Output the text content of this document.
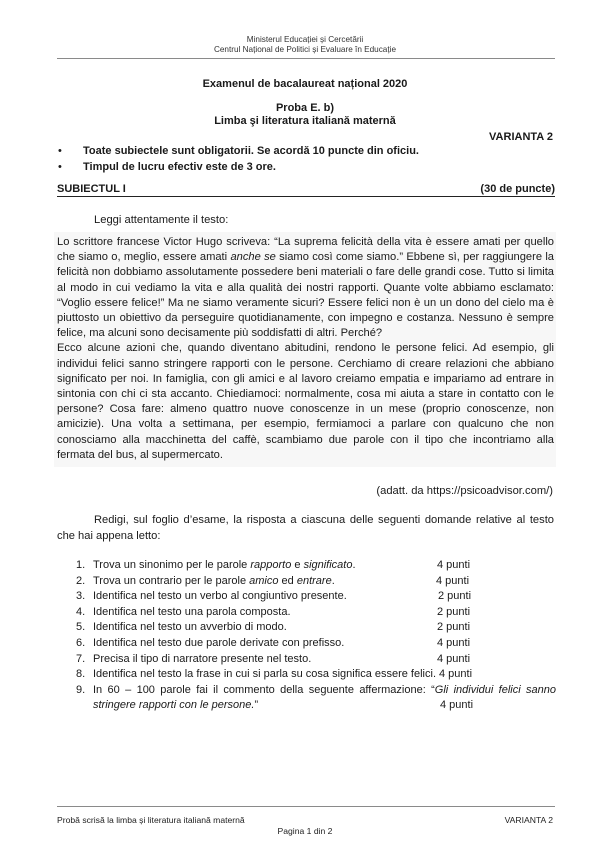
Ministerul Educației și Cercetării
Centrul Național de Politici și Evaluare în Educație
Examenul de bacalaureat național 2020
Proba E. b)
Limba şi literatura italiană maternă
VARIANTA 2
•	Toate subiectele sunt obligatorii. Se acordă 10 puncte din oficiu.
•	Timpul de lucru efectiv este de 3 ore.
SUBIECTUL I	(30 de puncte)
Leggi attentamente il testo:

Lo scrittore francese Victor Hugo scriveva: “La suprema felicità della vita è essere amati per quello che siamo o, meglio, essere amati anche se siamo così come siamo.” Ebbene sì, per raggiungere la felicità non dobbiamo assolutamente possedere beni materiali o fare delle grandi cose. Tutto si limita al modo in cui vediamo la vita e alla qualità dei nostri rapporti. Quante volte abbiamo esclamato: “Voglio essere felice!” Ma ne siamo veramente sicuri? Essere felici non è un un dono del cielo ma è piuttosto un obiettivo da perseguire quotidianamente, con impegno e costanza. Nessuno è sempre felice, ma alcuni sono decisamente più soddisfatti di altri. Perché?

Ecco alcune azioni che, quando diventano abitudini, rendono le persone felici. Ad esempio, gli individui felici sanno stringere rapporti con le persone. Cerchiamo di creare relazioni che abbiano significato per noi. In famiglia, con gli amici e al lavoro creiamo empatia e impariamo ad entrare in sintonia con chi ci sta accanto. Chiediamoci: normalmente, cosa mi aiuta a stare in contatto con le persone? Cosa fare: almeno quattro nuove conoscenze in un mese (proprio conoscenze, non amicizie). Una volta a settimana, per esempio, fermiamoci a parlare con qualcuno che non conosciamo alla macchinetta del caffè, scambiamo due parole con il tipo che incontriamo alla fermata del bus, al supermercato.

(adatt. da https://psicoadvisor.com/)
Redigi, sul foglio d’esame, la risposta a ciascuna delle seguenti domande relative al testo che hai appena letto:
1. Trova un sinonimo per le parole rapporto e significato.	4 punti
2. Trova un contrario per le parole amico ed entrare.	4 punti
3. Identifica nel testo un verbo al congiuntivo presente.	2 punti
4. Identifica nel testo una parola composta.	2 punti
5. Identifica nel testo un avverbio di modo.	2 punti
6. Identifica nel testo due parole derivate con prefisso.	4 punti
7. Precisa il tipo di narratore presente nel testo.	4 punti
8. Identifica nel testo la frase in cui si parla su cosa significa essere felici. 4 punti
9. In 60 – 100 parole fai il commento della seguente affermazione: “Gli individui felici sanno
stringere rapporti con le persone.”	4 punti
Probă scrisă la limba și literatura italiană maternă	VARIANTA 2
Pagina 1 din 2
